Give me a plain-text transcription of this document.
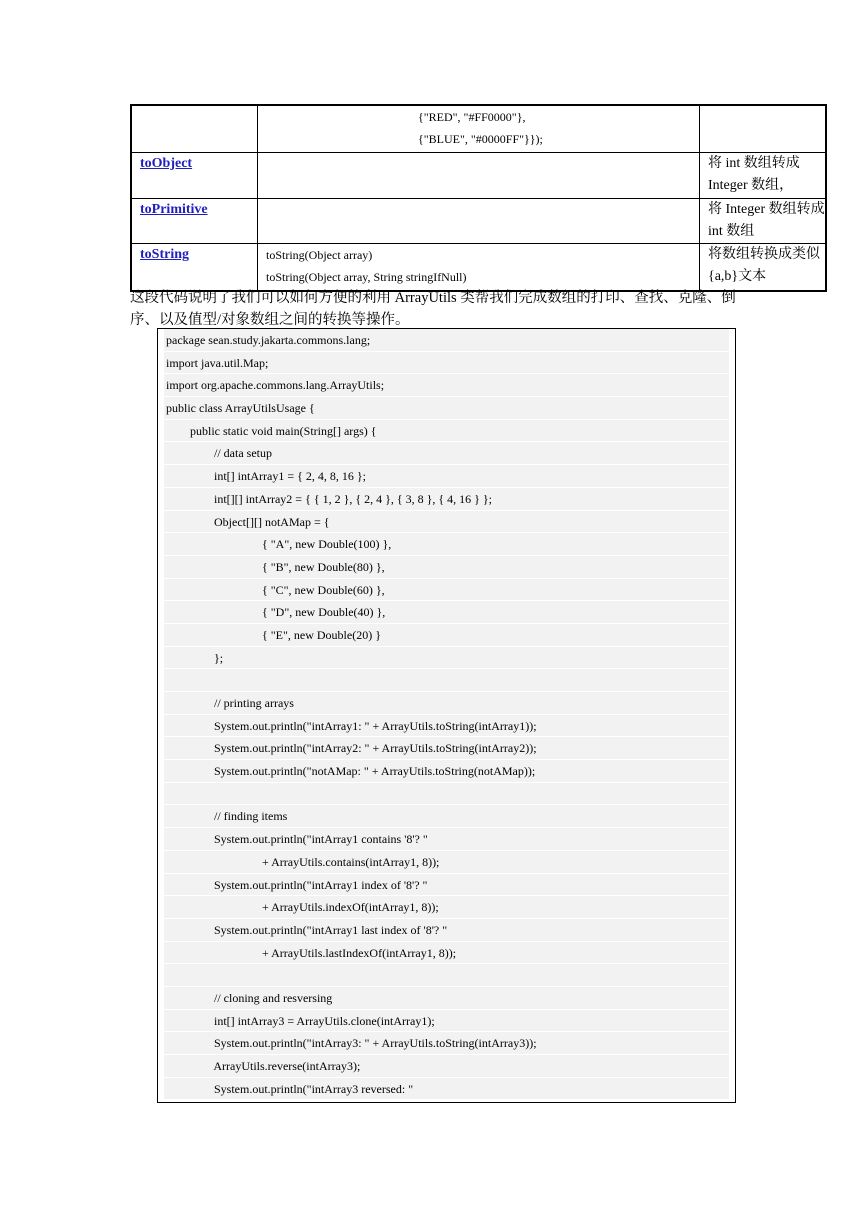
	{"RED", "#FF0000"},
{"BLUE", "#0000FF"}});	

toObject		将 int 数组转成 Integer 数组，
toPrimitive		将 Integer 数组转成 int 数组
toString	toString(Object array)
toString(Object array, String stringIfNull)	将数组转换成类似{a,b}文本
这段代码说明了我们可以如何方便的利用 ArrayUtils 类帮我们完成数组的打印、查找、克隆、倒序、以及值型/对象数组之间的转换等操作。
package sean.study.jakarta.commons.lang;
import java.util.Map;
import org.apache.commons.lang.ArrayUtils;
public class ArrayUtilsUsage {
public static void main(String[] args) {
// data setup
int[] intArray1 = { 2, 4, 8, 16 };
int[][] intArray2 = { { 1, 2 }, { 2, 4 }, { 3, 8 }, { 4, 16 } };
Object[][] notAMap = {
{ "A", new Double(100) },
{ "B", new Double(80) },
{ "C", new Double(60) },
{ "D", new Double(40) },
{ "E", new Double(20) }
};
// printing arrays
System.out.println("intArray1: " + ArrayUtils.toString(intArray1));
System.out.println("intArray2: " + ArrayUtils.toString(intArray2));
System.out.println("notAMap: " + ArrayUtils.toString(notAMap));
// finding items
System.out.println("intArray1 contains '8'? "
+ ArrayUtils.contains(intArray1, 8));
System.out.println("intArray1 index of '8'? "
+ ArrayUtils.indexOf(intArray1, 8));
System.out.println("intArray1 last index of '8'? "
+ ArrayUtils.lastIndexOf(intArray1, 8));
// cloning and resversing
int[] intArray3 = ArrayUtils.clone(intArray1);
System.out.println("intArray3: " + ArrayUtils.toString(intArray3));
ArrayUtils.reverse(intArray3);
System.out.println("intArray3 reversed: "
